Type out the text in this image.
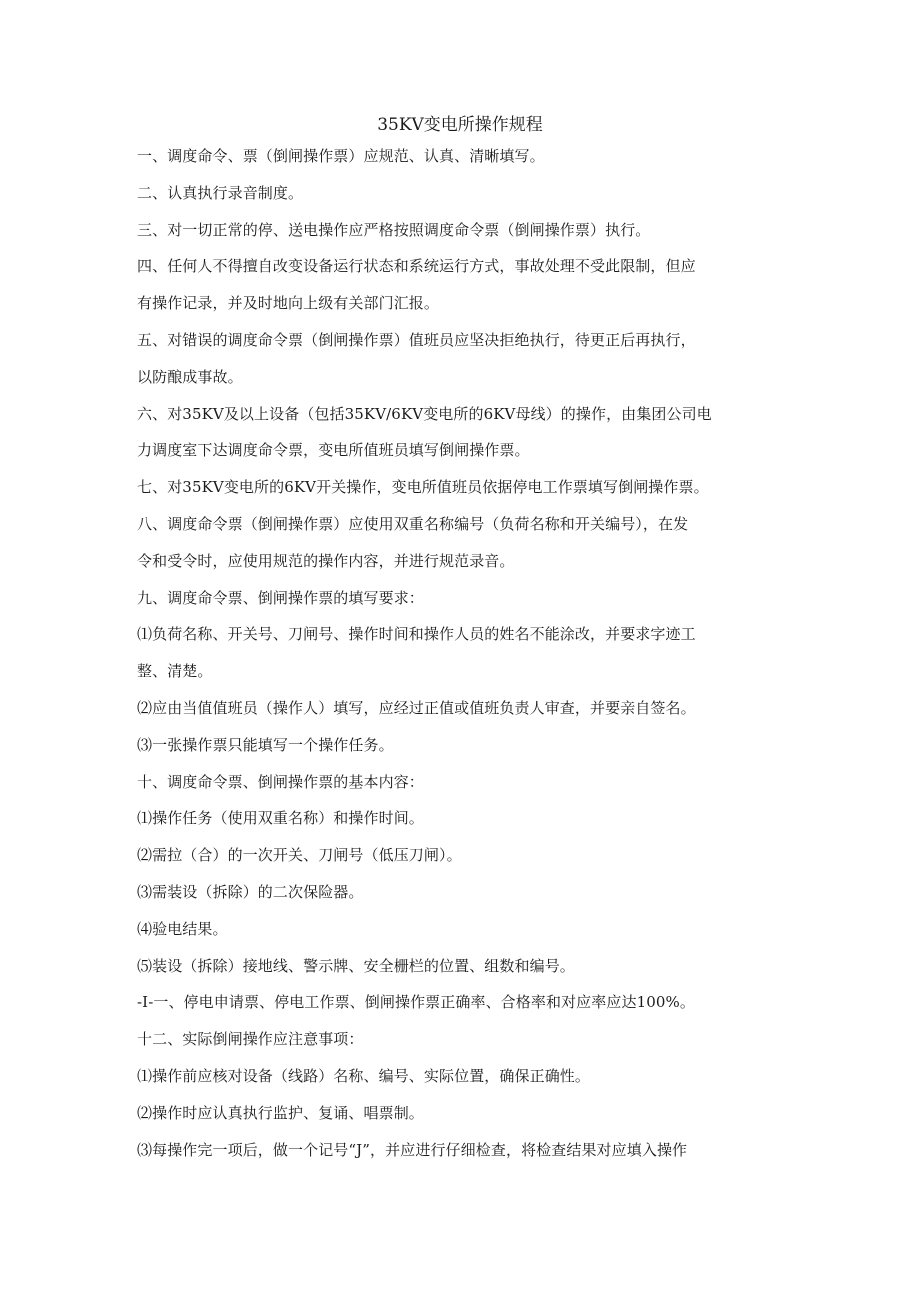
35KV变电所操作规程
一、调度命令、票（倒闸操作票）应规范、认真、清晰填写。
二、认真执行录音制度。
三、对一切正常的停、送电操作应严格按照调度命令票（倒闸操作票）执行。
四、任何人不得擅自改变设备运行状态和系统运行方式，事故处理不受此限制，但应
有操作记录，并及时地向上级有关部门汇报。
五、对错误的调度命令票（倒闸操作票）值班员应坚决拒绝执行，待更正后再执行，
以防酿成事故。
六、对35KV及以上设备（包括35KV/6KV变电所的6KV母线）的操作，由集团公司电
力调度室下达调度命令票，变电所值班员填写倒闸操作票。
七、对35KV变电所的6KV开关操作，变电所值班员依据停电工作票填写倒闸操作票。
八、调度命令票（倒闸操作票）应使用双重名称编号（负荷名称和开关编号），在发
令和受令时，应使用规范的操作内容，并进行规范录音。
九、调度命令票、倒闸操作票的填写要求：
⑴负荷名称、开关号、刀闸号、操作时间和操作人员的姓名不能涂改，并要求字迹工
整、清楚。
⑵应由当值值班员（操作人）填写，应经过正值或值班负责人审查，并要亲自签名。
⑶一张操作票只能填写一个操作任务。
十、调度命令票、倒闸操作票的基本内容：
⑴操作任务（使用双重名称）和操作时间。
⑵需拉（合）的一次开关、刀闸号（低压刀闸）。
⑶需装设（拆除）的二次保险器。
⑷验电结果。
⑸装设（拆除）接地线、警示牌、安全栅栏的位置、组数和编号。
-I-一、停电申请票、停电工作票、倒闸操作票正确率、合格率和对应率应达100%。
十二、实际倒闸操作应注意事项：
⑴操作前应核对设备（线路）名称、编号、实际位置，确保正确性。
⑵操作时应认真执行监护、复诵、唱票制。
⑶每操作完一项后，做一个记号“J”，并应进行仔细检查，将检查结果对应填入操作
